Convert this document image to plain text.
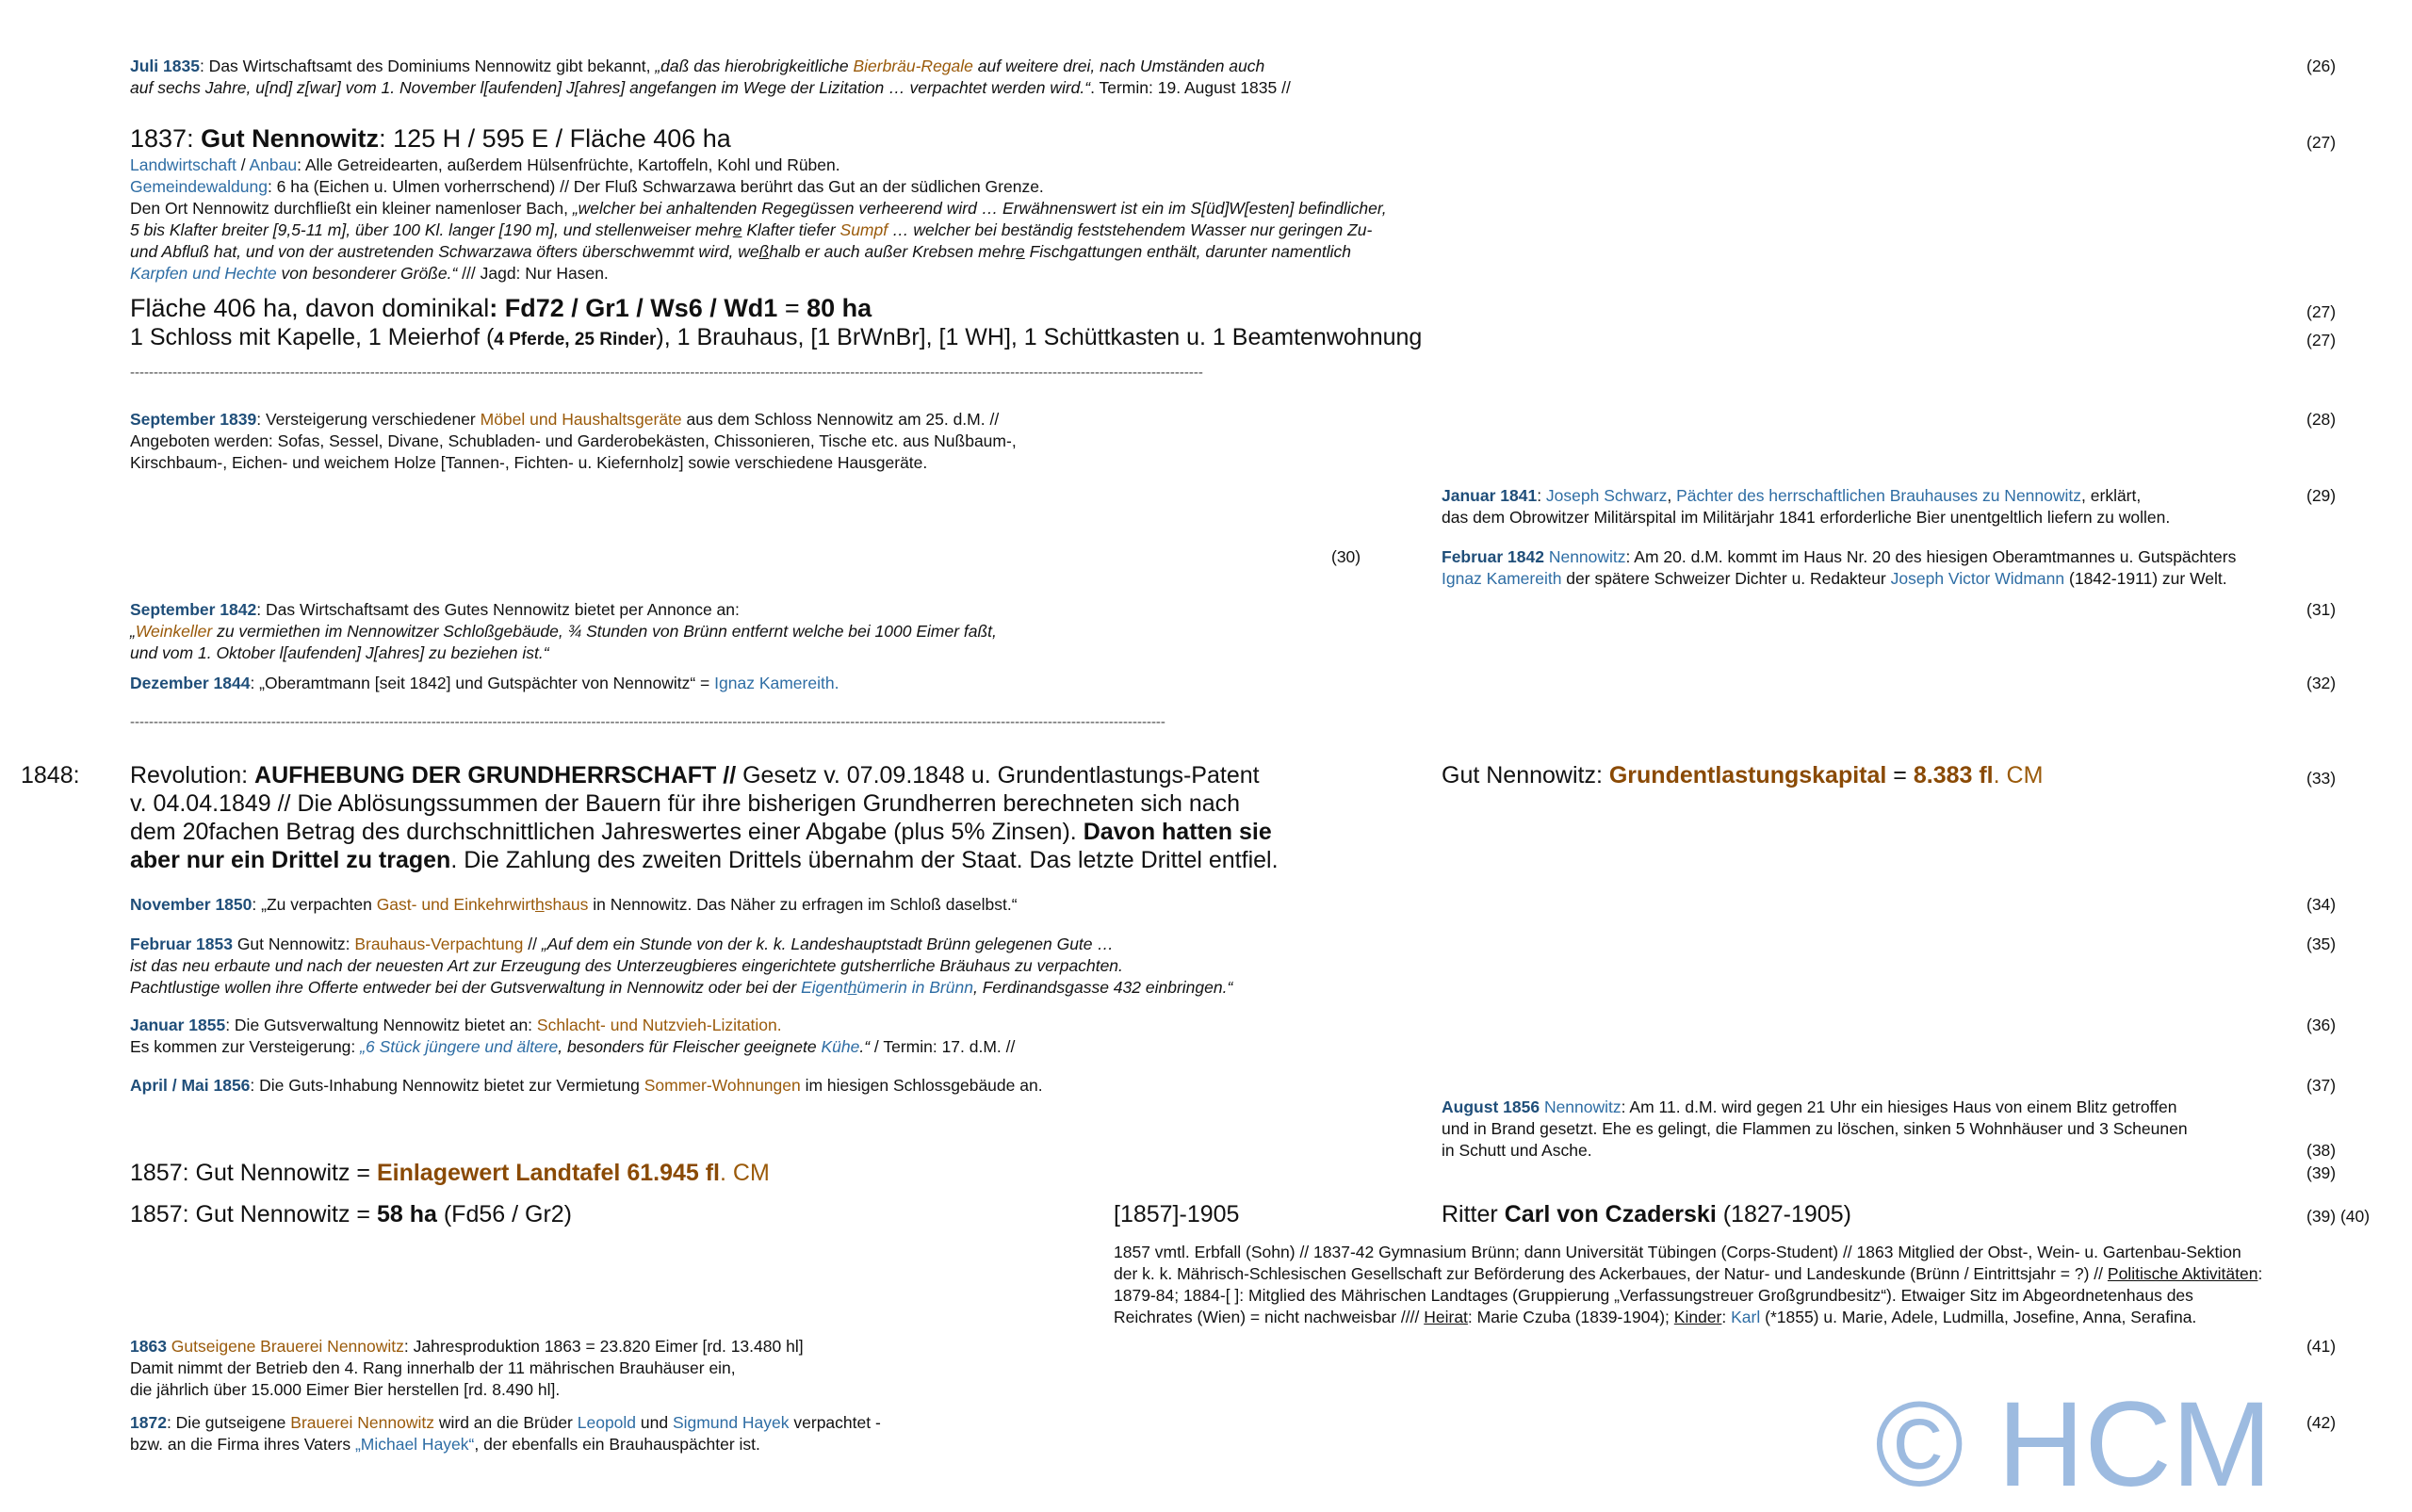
Juli 1835: Das Wirtschaftsamt des Dominiums Nennowitz gibt bekannt, „daß das hierobrigkeitliche Bierbräu-Regale auf weitere drei, nach Umständen auch
auf sechs Jahre, u[nd] z[war] vom 1. November l[aufenden] J[ahres] angefangen im Wege der Lizitation … verpachtet werden wird.“. Termin: 19. August 1835 //
(26)
1837: Gut Nennowitz: 125 H / 595 E / Fläche 406 ha	(27)
Landwirtschaft / Anbau: Alle Getreidearten, außerdem Hülsenfrüchte, Kartoffeln, Kohl und Rüben.
Gemeindewaldung: 6 ha (Eichen u. Ulmen vorherrschend) // Der Fluß Schwarzawa berührt das Gut an der südlichen Grenze.
Den Ort Nennowitz durchfließt ein kleiner namenloser Bach, „welcher bei anhaltenden Regegüssen verheerend wird … Erwähnenswert ist ein im S[üd]W[esten] befindlicher,
5 bis Klafter breiter [9,5-11 m], über 100 Kl. langer [190 m], und stellenweiser mehre Klafter tiefer Sumpf … welcher bei beständig feststehendem Wasser nur geringen Zu-
und Abfluß hat, und von der austretenden Schwarzawa öfters überschwemmt wird, weßhalb er auch außer Krebsen mehre Fischgattungen enthält, darunter namentlich
Karpfen und Hechte von besonderer Größe.“ /// Jagd: Nur Hasen.
Fläche 406 ha, davon dominikal: Fd72 / Gr1 / Ws6 / Wd1 = 80 ha	(27)
1 Schloss mit Kapelle, 1 Meierhof (4 Pferde, 25 Rinder), 1 Brauhaus, [1 BrWnBr], [1 WH], 1 Schüttkasten u. 1 Beamtenwohnung	(27)
------------------------------------------------------------------------------------------------------------------------------------------------------------------------------------------------------------------------------------
September 1839: Versteigerung verschiedener Möbel und Haushaltsgeräte aus dem Schloss Nennowitz am 25. d.M. //
Angeboten werden: Sofas, Sessel, Divane, Schubladen- und Garderobekästen, Chissonieren, Tische etc. aus Nußbaum-,
Kirschbaum-, Eichen- und weichem Holze [Tannen-, Fichten- u. Kiefernholz] sowie verschiedene Hausgeräte.
(28)
Januar 1841: Joseph Schwarz, Pächter des herrschaftlichen Brauhauses zu Nennowitz, erklärt,
das dem Obrowitzer Militärspital im Militärjahr 1841 erforderliche Bier unentgeltlich liefern zu wollen.
(29)
(30)	Februar 1842 Nennowitz: Am 20. d.M. kommt im Haus Nr. 20 des hiesigen Oberamtmannes u. Gutspächters
Ignaz Kamereith der spätere Schweizer Dichter u. Redakteur Joseph Victor Widmann (1842-1911) zur Welt.
September 1842: Das Wirtschaftsamt des Gutes Nennowitz bietet per Annonce an:
„Weinkeller zu vermiethen im Nennowitzer Schloßgebäude, ¾ Stunden von Brünn entfernt welche bei 1000 Eimer faßt,
und vom 1. Oktober l[aufenden] J[ahres] zu beziehen ist.“
(31)
Dezember 1844: „Oberamtmann [seit 1842] und Gutspächter von Nennowitz“ = Ignaz Kamereith.	(32)
----------------------------------------------------------------------------------------------------------------------------------------------------------------------------------------------------------------------------
1848: Revolution: AUFHEBUNG DER GRUNDHERRSCHAFT // Gesetz v. 07.09.1848 u. Grundentlastungs-Patent
v. 04.04.1849 // Die Ablösungssummen der Bauern für ihre bisherigen Grundherren berechneten sich nach
dem 20fachen Betrag des durchschnittlichen Jahreswertes einer Abgabe (plus 5% Zinsen). Davon hatten sie
aber nur ein Drittel zu tragen. Die Zahlung des zweiten Drittels übernahm der Staat. Das letzte Drittel entfiel.
Gut Nennowitz: Grundentlastungskapital = 8.383 fl. CM	(33)
November 1850: „Zu verpachten Gast- und Einkehrwirthshaus in Nennowitz. Das Näher zu erfragen im Schloß daselbst.“	(34)
Februar 1853 Gut Nennowitz: Brauhaus-Verpachtung // „Auf dem ein Stunde von der k. k. Landeshauptstadt Brünn gelegenen Gute …
ist das neu erbaute und nach der neuesten Art zur Erzeugung des Unterzeugbieres eingerichtete gutsherrliche Bräuhaus zu verpachten.
Pachtlustige wollen ihre Offerte entweder bei der Gutsverwaltung in Nennowitz oder bei der Eigenthümerin in Brünn, Ferdinandsgasse 432 einbringen.“
(35)
Januar 1855: Die Gutsverwaltung Nennowitz bietet an: Schlacht- und Nutzvieh-Lizitation.
Es kommen zur Versteigerung: „6 Stück jüngere und ältere, besonders für Fleischer geeignete Kühe.“ / Termin: 17. d.M. //
(36)
April / Mai 1856: Die Guts-Inhabung Nennowitz bietet zur Vermietung Sommer-Wohnungen im hiesigen Schlossgebäude an.	(37)
August 1856 Nennowitz: Am 11. d.M. wird gegen 21 Uhr ein hiesiges Haus von einem Blitz getroffen
und in Brand gesetzt. Ehe es gelingt, die Flammen zu löschen, sinken 5 Wohnhäuser und 3 Scheunen
in Schutt und Asche.	(38)
1857: Gut Nennowitz = Einlagewert Landtafel 61.945 fl. CM	(39)
1857: Gut Nennowitz = 58 ha (Fd56 / Gr2)	[1857]-1905	Ritter Carl von Czaderski (1827-1905)	(39) (40)
1857 vmtl. Erbfall (Sohn) // 1837-42 Gymnasium Brünn; dann Universität Tübingen (Corps-Student) // 1863 Mitglied der Obst-, Wein- u. Gartenbau-Sektion
der k. k. Mährisch-Schlesischen Gesellschaft zur Beförderung des Ackerbaues, der Natur- und Landeskunde (Brünn / Eintrittsjahr = ?) // Politische Aktivitäten:
1879-84; 1884-[ ]: Mitglied des Mährischen Landtages (Gruppierung „Verfassungstreuer Großgrundbesitz“). Etwaiger Sitz im Abgeordnetenhaus des
Reichrates (Wien) = nicht nachweisbar //// Heirat: Marie Czuba (1839-1904); Kinder: Karl (*1855) u. Marie, Adele, Ludmilla, Josefine, Anna, Serafina.
1863 Gutseigene Brauerei Nennowitz: Jahresproduktion 1863 = 23.820 Eimer [rd. 13.480 hl]
Damit nimmt der Betrieb den 4. Rang innerhalb der 11 mährischen Brauhäuser ein,
die jährlich über 15.000 Eimer Bier herstellen [rd. 8.490 hl].
(41)
1872: Die gutseigene Brauerei Nennowitz wird an die Brüder Leopold und Sigmund Hayek verpachtet -
bzw. an die Firma ihres Vaters „Michael Hayek“, der ebenfalls ein Brauhauspächter ist.
(42)
© HCM
